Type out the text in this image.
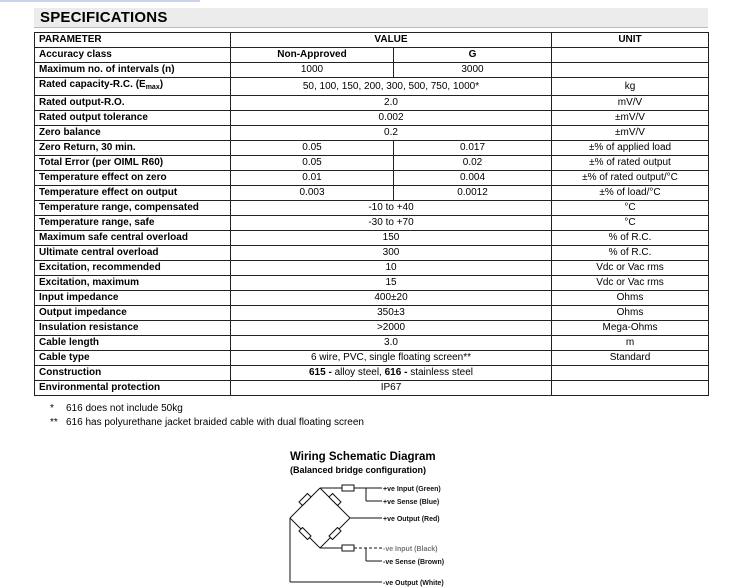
SPECIFICATIONS
PARAMETER	VALUE		UNIT
Accuracy class	Non-Approved	G	
Maximum no. of intervals (n)	1000	3000	
Rated capacity-R.C. $(E_{max})$	50, 100, 150, 200, 300, 500, 750, 1000*		kg
Rated output-R.O.	2.0		mV/V
Rated output tolerance	0.002		±mV/V
Zero balance	0.2		±mV/V
Zero Return, 30 min.	0.05	0.017	±% of applied load
Total Error (per OIML R60)	0.05	0.02	±% of rated output
Temperature effect on zero	0.01	0.004	±% of rated output/°C
Temperature effect on output	0.003	0.0012	±% of load/°C
Temperature range, compensated	-10 to +40		°C
Temperature range, safe	-30 to +70		°C
Maximum safe central overload	150		% of R.C.
Ultimate central overload	300		% of R.C.
Excitation, recommended	10		Vdc or Vac rms
Excitation, maximum	15		Vdc or Vac rms
Input impedance	400±20		Ohms
Output impedance	350±3		Ohms
Insulation resistance	>2000		Mega-Ohms
Cable length	3.0		m
Cable type	6 wire, PVC, single floating screen**		Standard
Construction	615 - alloy steel, 616 - stainless steel		
Environmental protection	IP67		
* 616 does not include 50kg
** 616 has polyurethane jacket braided cable with dual floating screen
Wiring Schematic Diagram
(Balanced bridge configuration)
+ve Input (Green)
+ve Sense (Blue)
+ve Output (Red)
-ve Input (Black)
-ve Sense (Brown)
-ve Output (White)
